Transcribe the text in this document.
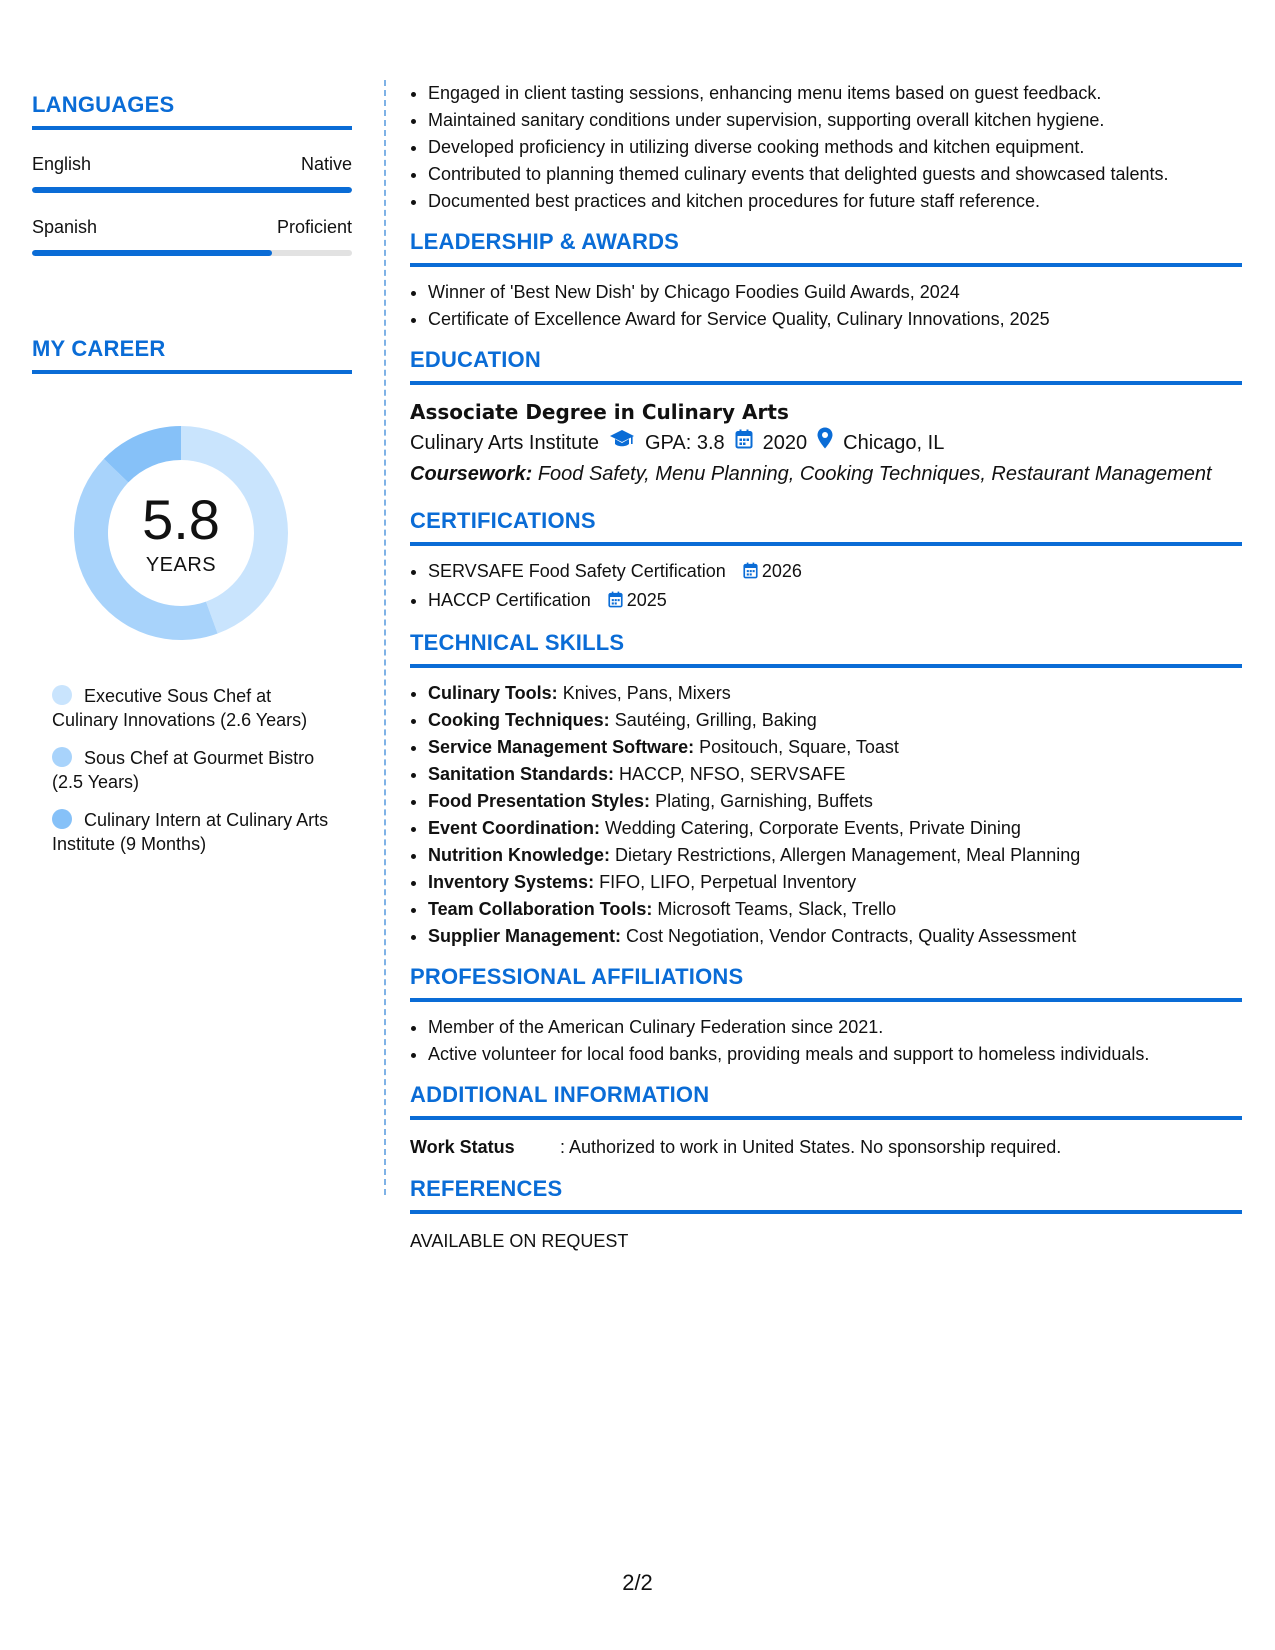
LANGUAGES
English	Native
Spanish	Proficient
MY CAREER
5.8
YEARS
Executive Sous Chef at Culinary Innovations (2.6 Years)
Sous Chef at Gourmet Bistro (2.5 Years)
Culinary Intern at Culinary Arts Institute (9 Months)
• Engaged in client tasting sessions, enhancing menu items based on guest feedback.
• Maintained sanitary conditions under supervision, supporting overall kitchen hygiene.
• Developed proficiency in utilizing diverse cooking methods and kitchen equipment.
• Contributed to planning themed culinary events that delighted guests and showcased talents.
• Documented best practices and kitchen procedures for future staff reference.
LEADERSHIP & AWARDS
• Winner of 'Best New Dish' by Chicago Foodies Guild Awards, 2024
• Certificate of Excellence Award for Service Quality, Culinary Innovations, 2025
EDUCATION
Associate Degree in Culinary Arts
Culinary Arts Institute GPA: 3.8 2020 Chicago, IL
Coursework: Food Safety, Menu Planning, Cooking Techniques, Restaurant Management
CERTIFICATIONS
• SERVSAFE Food Safety Certification 2026
• HACCP Certification 2025
TECHNICAL SKILLS
• Culinary Tools: Knives, Pans, Mixers
• Cooking Techniques: Sautéing, Grilling, Baking
• Service Management Software: Positouch, Square, Toast
• Sanitation Standards: HACCP, NFSO, SERVSAFE
• Food Presentation Styles: Plating, Garnishing, Buffets
• Event Coordination: Wedding Catering, Corporate Events, Private Dining
• Nutrition Knowledge: Dietary Restrictions, Allergen Management, Meal Planning
• Inventory Systems: FIFO, LIFO, Perpetual Inventory
• Team Collaboration Tools: Microsoft Teams, Slack, Trello
• Supplier Management: Cost Negotiation, Vendor Contracts, Quality Assessment
PROFESSIONAL AFFILIATIONS
• Member of the American Culinary Federation since 2021.
• Active volunteer for local food banks, providing meals and support to homeless individuals.
ADDITIONAL INFORMATION
Work Status	: Authorized to work in United States. No sponsorship required.
REFERENCES
AVAILABLE ON REQUEST
2/2
